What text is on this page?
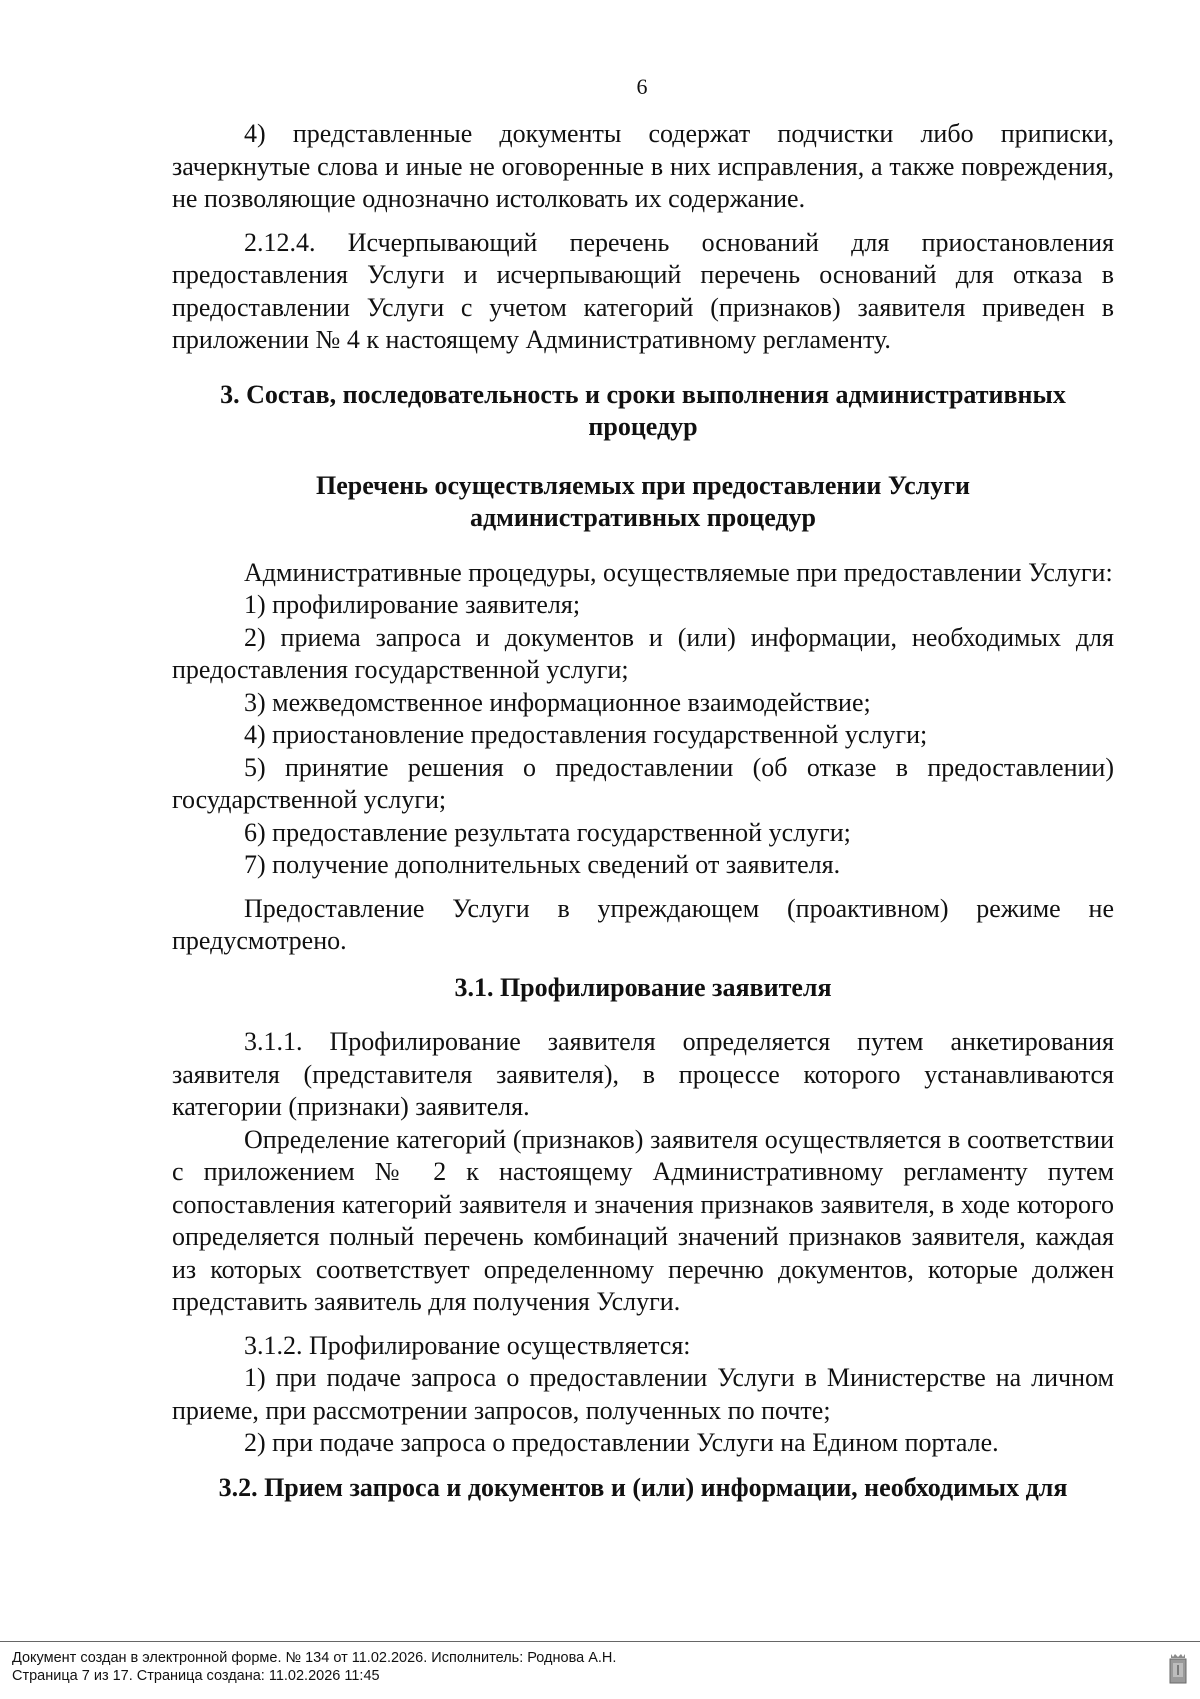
6

4) представленные документы содержат подчистки либо приписки, зачеркнутые слова и иные не оговоренные в них исправления, а также повреждения, не позволяющие однозначно истолковать их содержание.

2.12.4. Исчерпывающий перечень оснований для приостановления предоставления Услуги и исчерпывающий перечень оснований для отказа в предоставлении Услуги с учетом категорий (признаков) заявителя приведен в приложении № 4 к настоящему Административному регламенту.

3. Состав, последовательность и сроки выполнения административных
процедур

Перечень осуществляемых при предоставлении Услуги
административных процедур

Административные процедуры, осуществляемые при предоставлении Услуги:

1) профилирование заявителя;

2) приема запроса и документов и (или) информации, необходимых для предоставления государственной услуги;

3) межведомственное информационное взаимодействие;

4) приостановление предоставления государственной услуги;

5) принятие решения о предоставлении (об отказе в предоставлении) государственной услуги;

6) предоставление результата государственной услуги;

7) получение дополнительных сведений от заявителя.

Предоставление Услуги в упреждающем (проактивном) режиме не предусмотрено.

3.1. Профилирование заявителя

3.1.1. Профилирование заявителя определяется путем анкетирования заявителя (представителя заявителя), в процессе которого устанавливаются категории (признаки) заявителя.

Определение категорий (признаков) заявителя осуществляется в соответствии с приложением № 2 к настоящему Административному регламенту путем сопоставления категорий заявителя и значения признаков заявителя, в ходе которого определяется полный перечень комбинаций значений признаков заявителя, каждая из которых соответствует определенному перечню документов, которые должен представить заявитель для получения Услуги.

3.1.2. Профилирование осуществляется:

1) при подаче запроса о предоставлении Услуги в Министерстве на личном приеме, при рассмотрении запросов, полученных по почте;

2) при подаче запроса о предоставлении Услуги на Едином портале.

3.2. Прием запроса и документов и (или) информации, необходимых для

Документ создан в электронной форме. № 134 от 11.02.2026. Исполнитель: Роднова А.Н.
Страница 7 из 17. Страница создана: 11.02.2026 11:45
